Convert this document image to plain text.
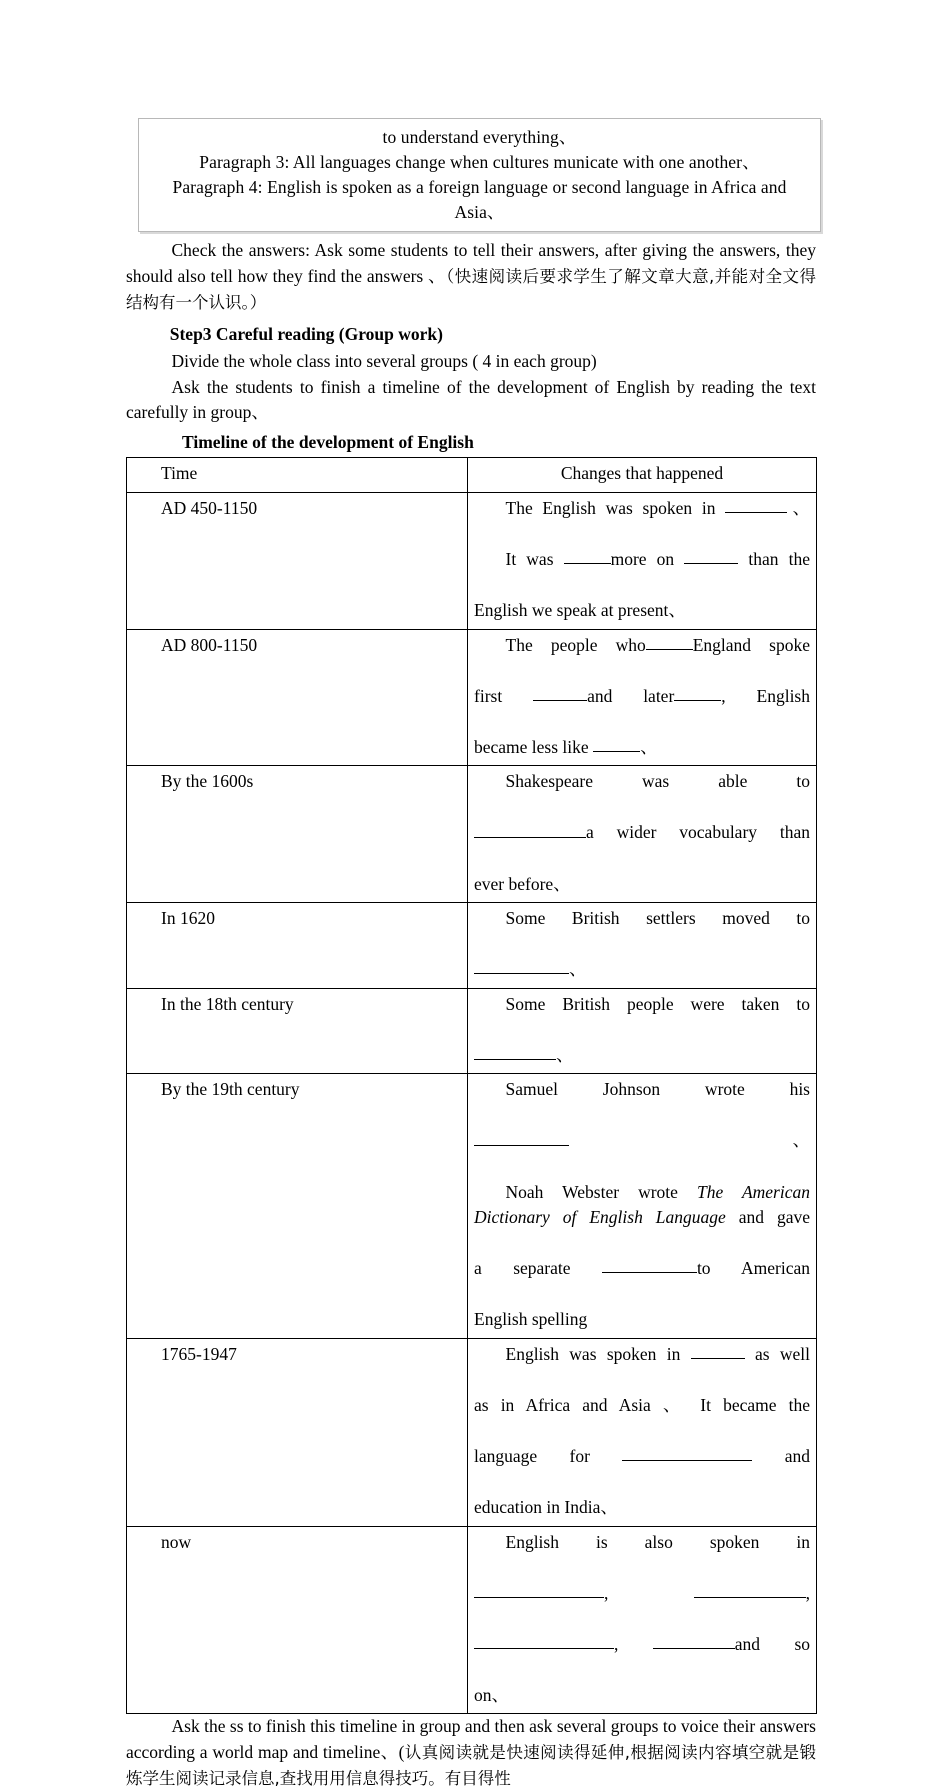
to understand everything、

Paragraph 3: All languages change when cultures municate with one another、

Paragraph 4: English is spoken as a foreign language or second language in Africa and Asia、

Check the answers: Ask some students to tell their answers, after giving the answers, they should also tell how they find the answers 、（快速阅读后要求学生了解文章大意,并能对全文得结构有一个认识。）

Step3 Careful reading (Group work)

Divide the whole class into several groups ( 4 in each group)

Ask the students to finish a timeline of the development of English by reading the text carefully in group、

Timeline of the development of English

Time	Changes that happened
AD 450-1150	The English was spoken in 、
It was more on than the
English we speak at present、

AD 800-1150	The people who England spoke
first and later , English
became less like 、

By the 1600s	Shakespeare was able to
a wider vocabulary than
ever before、

In 1620	Some British settlers moved to
、

In the 18th century	Some British people were taken to
、

By the 19th century	Samuel Johnson wrote his
、
Noah Webster wrote The American Dictionary of English Language and gave
a separate to American
English spelling

1765-1947	English was spoken in as well
as in Africa and Asia 、 It became the
language for and
education in India、

now	English is also spoken in
, ,
, and so
on、

Ask the ss to finish this timeline in group and then ask several groups to voice their answers according a world map and timeline、(认真阅读就是快速阅读得延伸,根据阅读内容填空就是锻炼学生阅读记录信息,查找用用信息得技巧。有目得性
